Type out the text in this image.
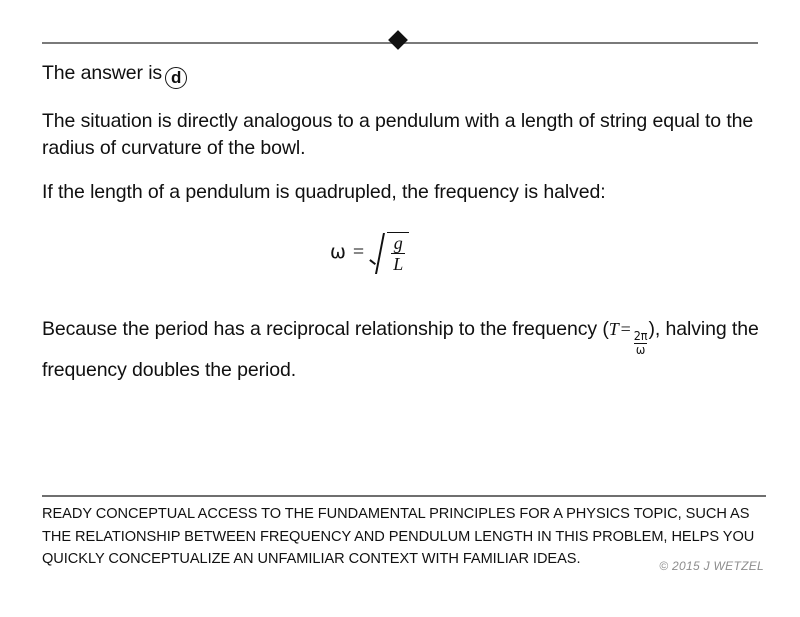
The answer is d

The situation is directly analogous to a pendulum with a length of string equal to the radius of curvature of the bowl.

If the length of a pendulum is quadrupled, the frequency is halved:

$\omega = \frac{g}{L}$

Because the period has a reciprocal relationship to the frequency (T =
$\frac{2\pi}{\omega}$
), halving the frequency doubles the period.

READY CONCEPTUAL ACCESS TO THE FUNDAMENTAL PRINCIPLES FOR A PHYSICS TOPIC, SUCH AS THE RELATIONSHIP BETWEEN FREQUENCY AND PENDULUM LENGTH IN THIS PROBLEM, HELPS YOU QUICKLY CONCEPTUALIZE AN UNFAMILIAR CONTEXT WITH FAMILIAR IDEAS.	© 2015 J WETZEL
